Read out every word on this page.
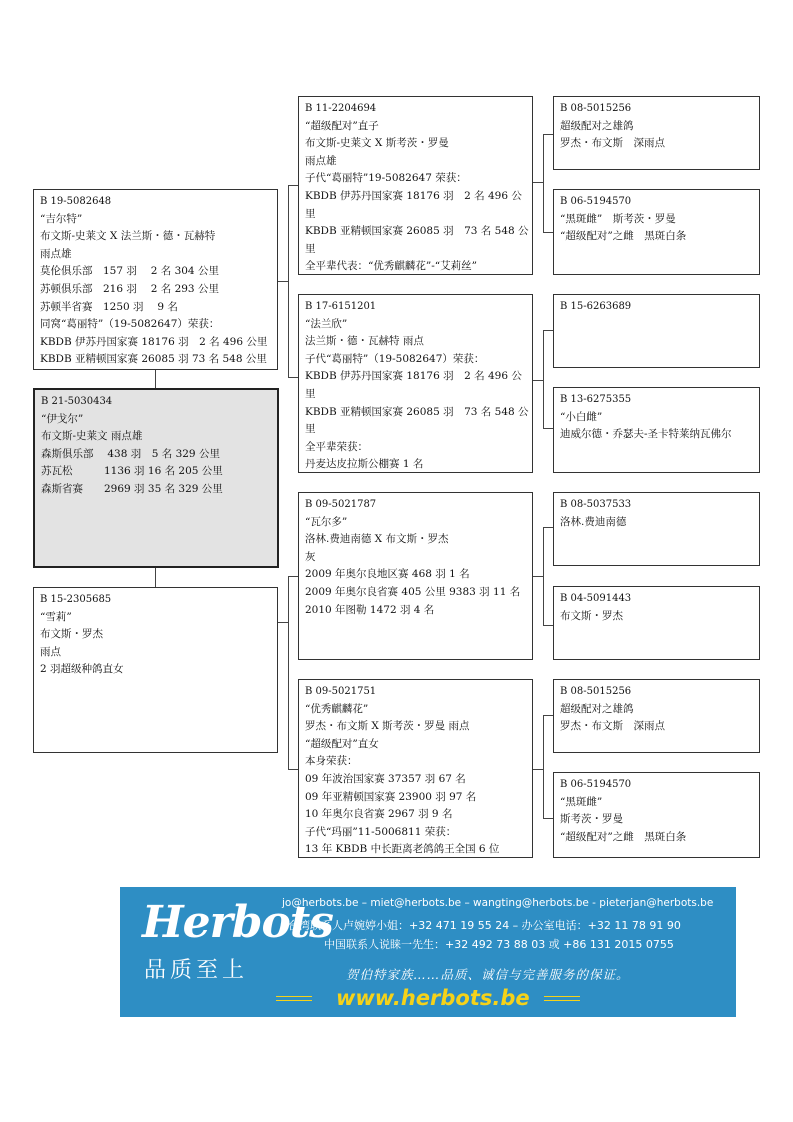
B 19-5082648
“吉尔特”
布文斯-史莱文 X 法兰斯・德・瓦赫特
雨点雄
莫伦俱乐部　157 羽　 2 名 304 公里
苏顿俱乐部　216 羽　 2 名 293 公里
苏顿半省赛　1250 羽　 9 名
同窝“葛丽特”（19-5082647）荣获：
KBDB 伊苏丹国家赛 18176 羽　2 名 496 公里
KBDB 亚精顿国家赛 26085 羽 73 名 548 公里
B 21-5030434
“伊戈尔”
布文斯-史莱文 雨点雄
森斯俱乐部　 438 羽　5 名 329 公里
苏瓦松　　　1136 羽 16 名 205 公里
森斯省赛　　2969 羽 35 名 329 公里
B 15-2305685
“雪莉”
布文斯・罗杰
雨点
2 羽超级种鸽直女
B 11-2204694
“超级配对”直子
布文斯-史莱文 X 斯考茨・罗曼
雨点雄
子代“葛丽特”19-5082647 荣获：
KBDB 伊苏丹国家赛 18176 羽　2 名 496 公
里
KBDB 亚精顿国家赛 26085 羽　73 名 548 公
里
全平辈代表：“优秀麒麟花”-“艾莉丝”
B 17-6151201
“法兰欣”
法兰斯・德・瓦赫特 雨点
子代“葛丽特”（19-5082647）荣获：
KBDB 伊苏丹国家赛 18176 羽　2 名 496 公
里
KBDB 亚精顿国家赛 26085 羽　73 名 548 公
里
全平辈荣获：
丹麦达皮拉斯公棚赛 1 名
B 09-5021787
“瓦尔多”
洛林.费迪南德 X 布文斯・罗杰
灰
2009 年奥尔良地区赛 468 羽 1 名
2009 年奥尔良省赛 405 公里 9383 羽 11 名
2010 年图勒 1472 羽 4 名
B 09-5021751
“优秀麒麟花”
罗杰・布文斯 X 斯考茨・罗曼 雨点
“超级配对”直女
本身荣获：
09 年波治国家赛 37357 羽 67 名
09 年亚精顿国家赛 23900 羽 97 名
10 年奥尔良省赛 2967 羽 9 名
子代“玛丽”11-5006811 荣获：
13 年 KBDB 中长距离老鸽鸽王全国 6 位
B 08-5015256
超级配对之雄鸽
罗杰・布文斯　深雨点
B 06-5194570
“黑斑雌”　斯考茨・罗曼
“超级配对”之雌　黑斑白条
B 15-6263689
B 13-6275355
“小白雌”
迪威尔德・乔瑟夫-圣卡特莱纳瓦佛尔
B 08-5037533
洛林.费迪南德
B 04-5091443
布文斯・罗杰
B 08-5015256
超级配对之雄鸽
罗杰・布文斯　深雨点
B 06-5194570
“黑斑雌”
斯考茨・罗曼
“超级配对”之雌　黑斑白条
Herbots
品质至上
jo@herbots.be – miet@herbots.be – wangting@herbots.be - pieterjan@herbots.be
台湾联系人卢婉婷小姐：+32 471 19 55 24 – 办公室电话：+32 11 78 91 90
中国联系人说睐一先生：+32 492 73 88 03 或 +86 131 2015 0755
贺伯特家族……品质、诚信与完善服务的保证。
www.herbots.be
